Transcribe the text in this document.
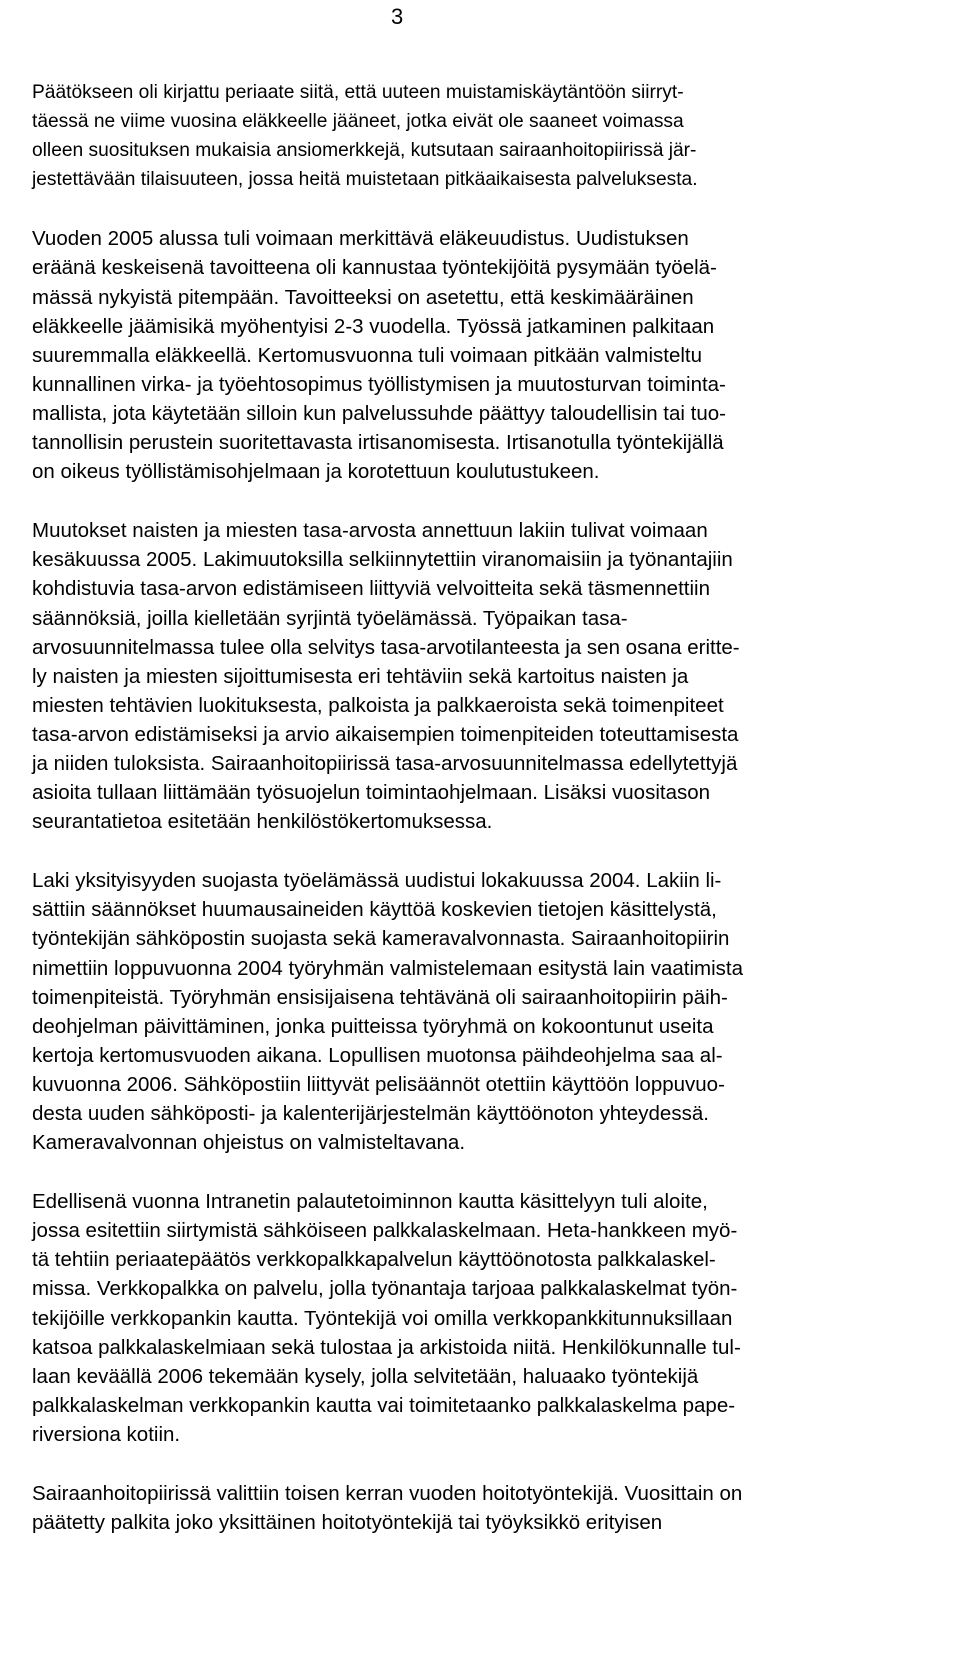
3

Päätökseen oli kirjattu periaate siitä, että uuteen muistamiskäytäntöön siirryt-
täessä ne viime vuosina eläkkeelle jääneet, jotka eivät ole saaneet voimassa
olleen suosituksen mukaisia ansiomerkkejä, kutsutaan sairaanhoitopiirissä jär-
jestettävään tilaisuuteen, jossa heitä muistetaan pitkäaikaisesta palveluksesta.

Vuoden 2005 alussa tuli voimaan merkittävä eläkeuudistus. Uudistuksen
eräänä keskeisenä tavoitteena oli kannustaa työntekijöitä pysymään työelä-
mässä nykyistä pitempään. Tavoitteeksi on asetettu, että keskimääräinen
eläkkeelle jäämisikä myöhentyisi 2-3 vuodella. Työssä jatkaminen palkitaan
suuremmalla eläkkeellä. Kertomusvuonna tuli voimaan pitkään valmisteltu
kunnallinen virka- ja työehtosopimus työllistymisen ja muutosturvan toiminta-
mallista, jota käytetään silloin kun palvelussuhde päättyy taloudellisin tai tuo-
tannollisin perustein suoritettavasta irtisanomisesta. Irtisanotulla työntekijällä
on oikeus työllistämisohjelmaan ja korotettuun koulutustukeen.

Muutokset naisten ja miesten tasa-arvosta annettuun lakiin tulivat voimaan
kesäkuussa 2005. Lakimuutoksilla selkiinnytettiin viranomaisiin ja työnantajiin
kohdistuvia tasa-arvon edistämiseen liittyviä velvoitteita sekä täsmennettiin
säännöksiä, joilla kielletään syrjintä työelämässä. Työpaikan tasa-
arvosuunnitelmassa tulee olla selvitys tasa-arvotilanteesta ja sen osana eritte-
ly naisten ja miesten sijoittumisesta eri tehtäviin sekä kartoitus naisten ja
miesten tehtävien luokituksesta, palkoista ja palkkaeroista sekä toimenpiteet
tasa-arvon edistämiseksi ja arvio aikaisempien toimenpiteiden toteuttamisesta
ja niiden tuloksista. Sairaanhoitopiirissä tasa-arvosuunnitelmassa edellytettyjä
asioita tullaan liittämään työsuojelun toimintaohjelmaan. Lisäksi vuositason
seurantatietoa esitetään henkilöstökertomuksessa.

Laki yksityisyyden suojasta työelämässä uudistui lokakuussa 2004. Lakiin li-
sättiin säännökset huumausaineiden käyttöä koskevien tietojen käsittelystä,
työntekijän sähköpostin suojasta sekä kameravalvonnasta. Sairaanhoitopiirin
nimettiin loppuvuonna 2004 työryhmän valmistelemaan esitystä lain vaatimista
toimenpiteistä. Työryhmän ensisijaisena tehtävänä oli sairaanhoitopiirin päih-
deohjelman päivittäminen, jonka puitteissa työryhmä on kokoontunut useita
kertoja kertomusvuoden aikana. Lopullisen muotonsa päihdeohjelma saa al-
kuvuonna 2006. Sähköpostiin liittyvät pelisäännöt otettiin käyttöön loppuvuo-
desta uuden sähköposti- ja kalenterijärjestelmän käyttöönoton yhteydessä.
Kameravalvonnan ohjeistus on valmisteltavana.

Edellisenä vuonna Intranetin palautetoiminnon kautta käsittelyyn tuli aloite,
jossa esitettiin siirtymistä sähköiseen palkkalaskelmaan. Heta-hankkeen myö-
tä tehtiin periaatepäätös verkkopalkkapalvelun käyttöönotosta palkkalaskel-
missa. Verkkopalkka on palvelu, jolla työnantaja tarjoaa palkkalaskelmat työn-
tekijöille verkkopankin kautta. Työntekijä voi omilla verkkopankkitunnuksillaan
katsoa palkkalaskelmiaan sekä tulostaa ja arkistoida niitä. Henkilökunnalle tul-
laan keväällä 2006 tekemään kysely, jolla selvitetään, haluaako työntekijä
palkkalaskelman verkkopankin kautta vai toimitetaanko palkkalaskelma pape-
riversiona kotiin.

Sairaanhoitopiirissä valittiin toisen kerran vuoden hoitotyöntekijä. Vuosittain on
päätetty palkita joko yksittäinen hoitotyöntekijä tai työyksikkö erityisen
